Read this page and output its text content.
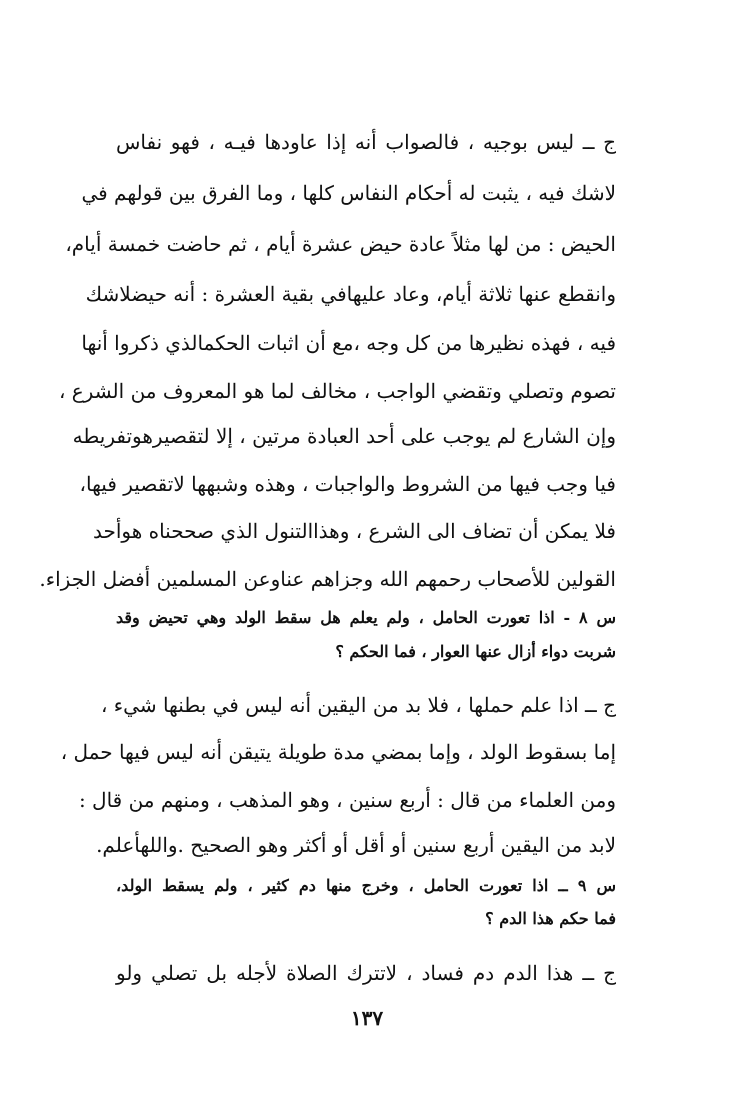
ج ــ ليس بوجيه ، فالصواب أنه إذا عاودها فيـه ، فهو نفاس
لاشك فيه ، يثبت له أحكام النفاس كلها ، وما الفرق بين قولهم في
الحيض : من لها مثلاً عادة حيض عشرة أيام ، ثم حاضت خمسة أيام،
وانقطع عنها ثلاثة أيام، وعاد عليهافي بقية العشرة : أنه حيضلاشك
فيه ، فهذه نظيرها من كل وجه ،مع أن اثبات الحكمالذي ذكروا أنها
تصوم وتصلي وتقضي الواجب ، مخالف لما هو المعروف من الشرع ،
وإن الشارع لم يوجب على أحد العبادة مرتين ، إلا لتقصيرهوتفريطه
فيا وجب فيها من الشروط والواجبات ، وهذه وشبهها لاتقصير فيها،
فلا يمكن أن تضاف الى الشرع ، وهذاالتنول الذي صححناه هوأحد
القولين للأصحاب رحمهم الله وجزاهم عناوعن المسلمين أفضل الجزاء.
س ٨ - اذا تعورت الحامل ، ولم يعلم هل سقط الولد وهي تحيض وقد
شربت دواء أزال عنها العوار ، فما الحكم ؟
ج ــ اذا علم حملها ، فلا بد من اليقين أنه ليس في بطنها شيء ،
إما بسقوط الولد ، وإما بمضي مدة طويلة يتيقن أنه ليس فيها حمل ،
ومن العلماء من قال : أربع سنين ، وهو المذهب ، ومنهم من قال :
لابد من اليقين أربع سنين أو أقل أو أكثر وهو الصحيح .واللهأعلم.
س ٩ ــ اذا تعورت الحامل ، وخرج منها دم كثير ، ولم يسقط الولد،
فما حكم هذا الدم ؟
ج ــ هذا الدم دم فساد ، لاتترك الصلاة لأجله بل تصلي ولو
١٣٧
